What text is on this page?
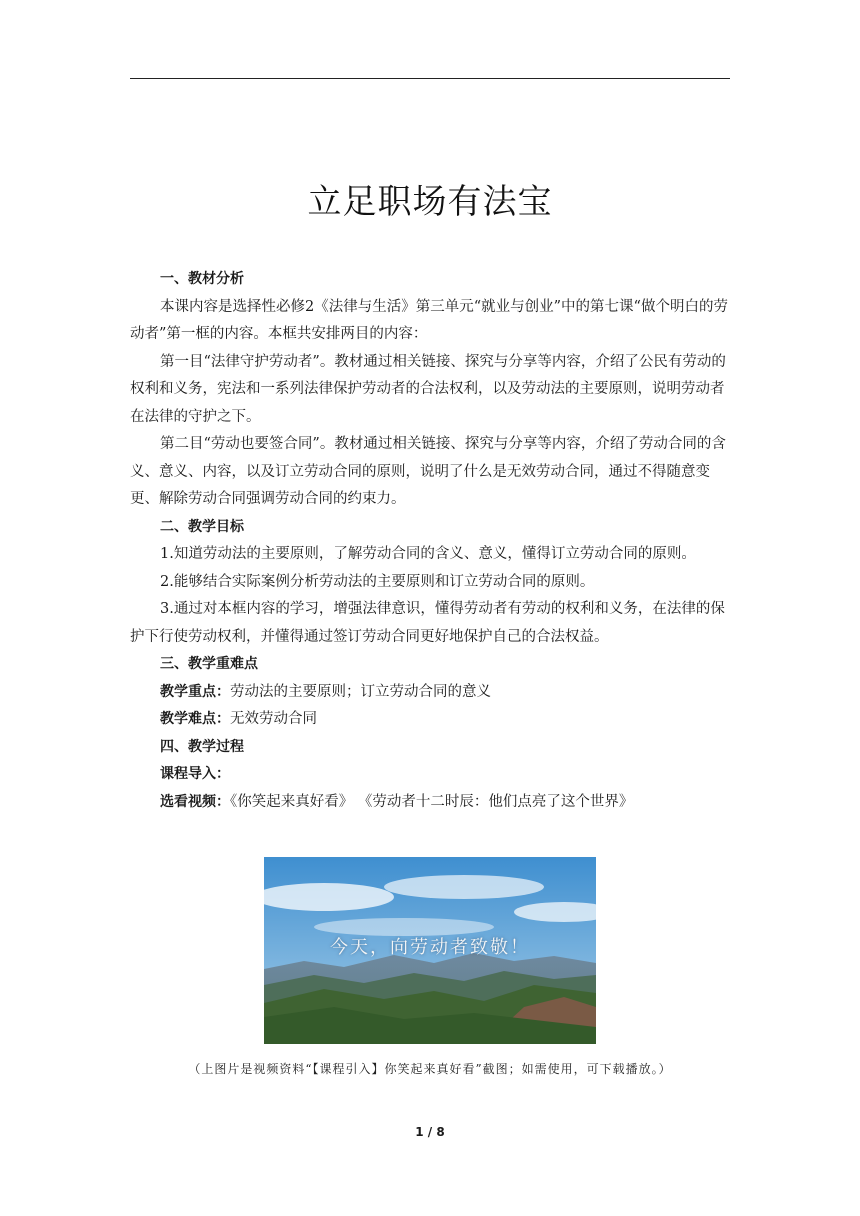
立足职场有法宝

一、教材分析

本课内容是选择性必修2《法律与生活》第三单元“就业与创业”中的第七课“做个明白的劳动者”第一框的内容。本框共安排两目的内容：

第一目“法律守护劳动者”。教材通过相关链接、探究与分享等内容，介绍了公民有劳动的权利和义务，宪法和一系列法律保护劳动者的合法权利，以及劳动法的主要原则，说明劳动者在法律的守护之下。

第二目“劳动也要签合同”。教材通过相关链接、探究与分享等内容，介绍了劳动合同的含义、意义、内容，以及订立劳动合同的原则，说明了什么是无效劳动合同，通过不得随意变更、解除劳动合同强调劳动合同的约束力。

二、教学目标

1.知道劳动法的主要原则，了解劳动合同的含义、意义，懂得订立劳动合同的原则。

2.能够结合实际案例分析劳动法的主要原则和订立劳动合同的原则。

3.通过对本框内容的学习，增强法律意识，懂得劳动者有劳动的权利和义务，在法律的保护下行使劳动权利，并懂得通过签订劳动合同更好地保护自己的合法权益。

三、教学重难点

教学重点：劳动法的主要原则；订立劳动合同的意义

教学难点：无效劳动合同

四、教学过程

课程导入：

选看视频：《你笑起来真好看》 《劳动者十二时辰：他们点亮了这个世界》

今天，向劳动者致敬！
（上图片是视频资料“【课程引入】你笑起来真好看”截图；如需使用，可下载播放。）
1 / 8
